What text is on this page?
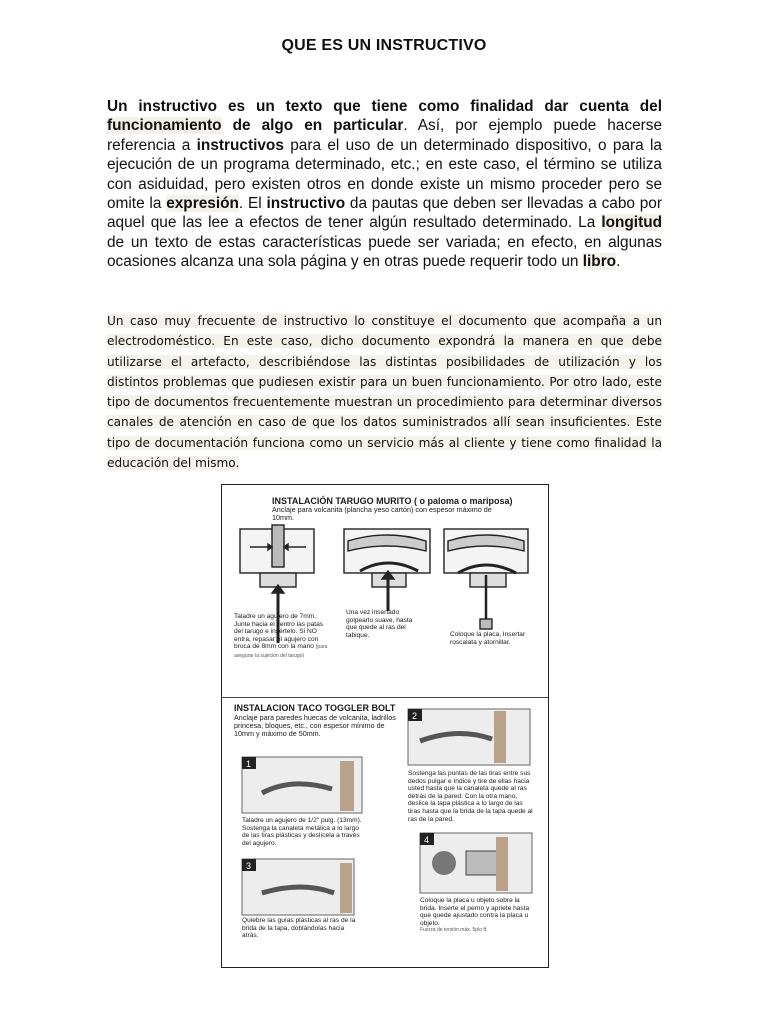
QUE ES UN INSTRUCTIVO
Un instructivo es un texto que tiene como finalidad dar cuenta del funcionamiento de algo en particular. Así, por ejemplo puede hacerse referencia a instructivos para el uso de un determinado dispositivo, o para la ejecución de un programa determinado, etc.; en este caso, el término se utiliza con asiduidad, pero existen otros en donde existe un mismo proceder pero se omite la expresión. El instructivo da pautas que deben ser llevadas a cabo por aquel que las lee a efectos de tener algún resultado determinado. La longitud de un texto de estas características puede ser variada; en efecto, en algunas ocasiones alcanza una sola página y en otras puede requerir todo un libro.
Un caso muy frecuente de instructivo lo constituye el documento que acompaña a un electrodoméstico. En este caso, dicho documento expondrá la manera en que debe utilizarse el artefacto, describiéndose las distintas posibilidades de utilización y los distintos problemas que pudiesen existir para un buen funcionamiento. Por otro lado, este tipo de documentos frecuentemente muestran un procedimiento para determinar diversos canales de atención en caso de que los datos suministrados allí sean insuficientes. Este tipo de documentación funciona como un servicio más al cliente y tiene como finalidad la educación del mismo.
INSTALACIÓN TARUGO MURITO ( o paloma o mariposa)
Anclaje para volcanita (plancha yeso cartón) con espesor máximo de 10mm.
Taladre un agujero de 7mm. Junte hacia el centro las patas del tarugo e insértelo. Si NO entra, repasar el agujero con broca de 8mm con la mano (para asegurar la sujeción del tarugo)
Una vez insertado golpearlo suave, hasta que quede al ras del tabique.	Coloque la placa, Insertar roscalata y atornillar.
INSTALACION TACO TOGGLER BOLT
Anclaje para paredes huecas de volcanita, ladrillos princesa, bloques, etc., con espesor mínimo de 10mm y máximo de 50mm.
1
2
3
4
Taladre un agujero de 1/2" pulg. (13mm). Sostenga la canaleta metálica a lo largo de las tiras plásticas y deslícela a través del agujero.
Sostenga las puntas de las tiras entre sus dedos pulgar e índice y tire de ellas hacia usted hasta que la canaleta quede al ras detrás de la pared. Con la otra mano, deslice la tapa plástica a lo largo de las tiras hasta que la brida de la tapa quede al ras de la pared.
Quiebre las guías plásticas al ras de la brida de la tapa, doblándolas hacia atrás.
Coloque la placa u objeto sobre la brida. Inserte el perno y apriete hasta que quede ajustado contra la placa u objeto.
Fuerza de torsión máx. 5plo ft.
